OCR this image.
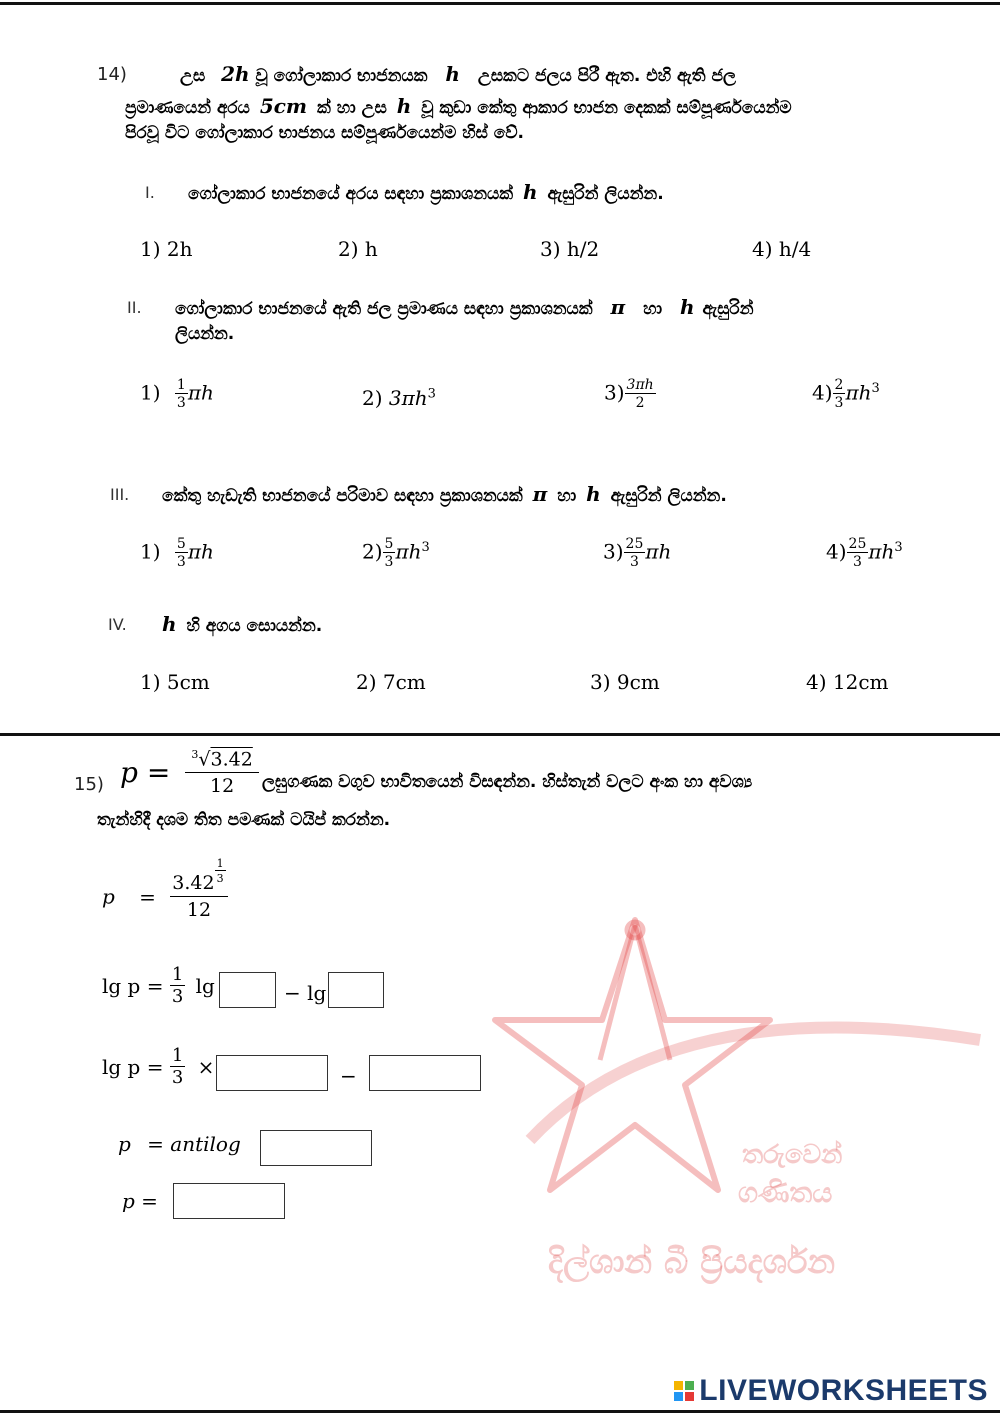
තරුවෙන්
ගණිතය
දිල්ශාන් බී ප්‍රියදර්ශන
14)	උස 2h වූ ගෝලාකාර භාජනයක h උසකට ජලය පිරී ඇත. එහි ඇති ජල
ප්‍රමාණයෙන් අරය 5cm ක් හා උස h වූ කුඩා කේතු ආකාර භාජන දෙකක් සම්පූර්ණයෙන්ම
පිරවූ විට ගෝලාකාර භාජනය සම්පූර්ණයෙන්ම හිස් වේ.
I. ගෝලාකාර භාජනයේ අරය සඳහා ප්‍රකාශනයක් h ඇසුරින් ලියන්න.
1) 2h	2) h	3) h/2	4) h/4
II. ගෝලාකාර භාජනයේ ඇති ජල ප්‍රමාණය සඳහා ප්‍රකාශනයක් π හා h ඇසුරින්
ලියන්න.
$1) \frac{1}{3}$ πh	2) $3\pi h^3$	$3) \frac{3\pi h}{2}$	$4) \frac{2}{3} \pi h^3$
III. කේතු හැඩැති භාජනයේ පරිමාව සඳහා ප්‍රකාශනයක් π හා h ඇසුරින් ලියන්න.
$1) \frac{5}{3}$ πh	$2) \frac{5}{3} \pi h^3$	$3) \frac{25}{3}$ πh	$4) \frac{25}{3} \pi h^3$
IV. h හි අගය සොයන්න.
1) 5cm	2) 7cm	3) 9cm	4) 12cm
15) $p = \frac{^3√3.42}{12}$ ලඝුගණක වගුව භාවිතයෙන් විසඳන්න. හිස්තැන් වලට අංක හා අවශ්‍ය
තැන්හිදී දශම තිත පමණක් ටයිප් කරන්න.
$p = \frac{3.42 \frac{1}{3}}{12}$
$\lg p = \frac{1}{3}$ lg	− lg
$\lg p = \frac{1}{3}$ ×	−
p = antilog
p =
LIVEWORKSHEETS
